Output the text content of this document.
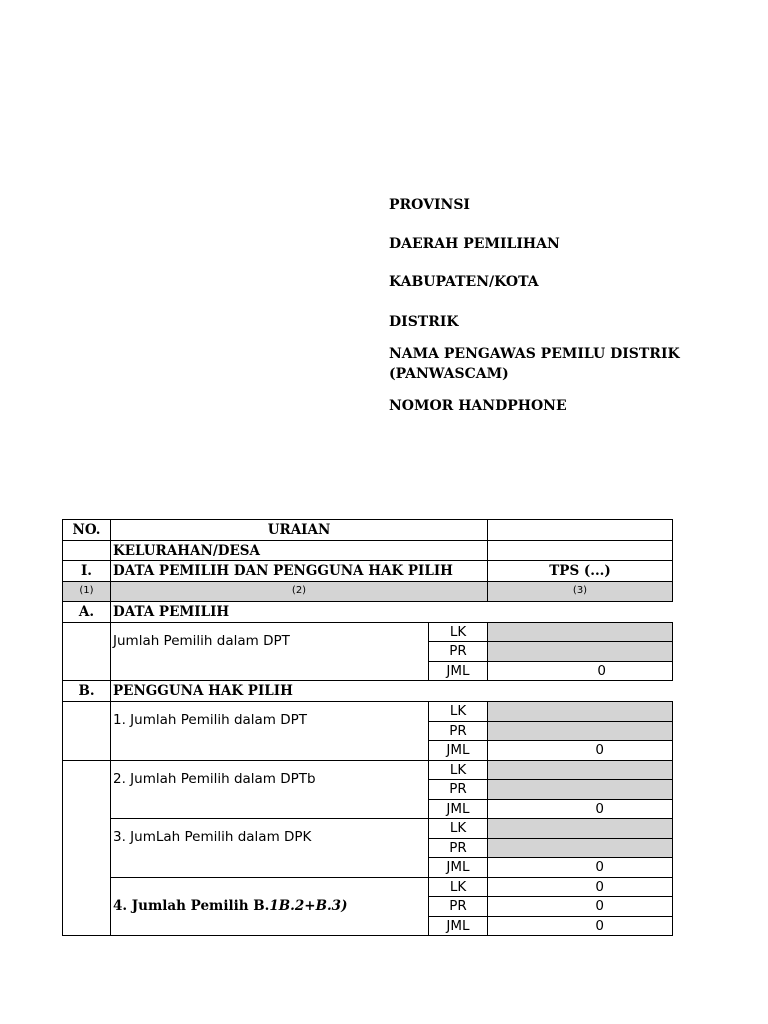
PROVINSI
DAERAH PEMILIHAN
KABUPATEN/KOTA
DISTRIK
NAMA PENGAWAS PEMILU DISTRIK
(PANWASCAM)
NOMOR HANDPHONE
NO.	URAIAN		
	KELURAHAN/DESA		
I.	DATA PEMILIH DAN PENGGUNA HAK PILIH		TPS (...)
(1)	(2)		(3)
A.	DATA PEMILIH		
	Jumlah Pemilih dalam DPT	LK	
		PR	
		JML	0
B.	PENGGUNA HAK PILIH		
	1. Jumlah Pemilih dalam DPT	LK	
		PR	
		JML	0
	2. Jumlah Pemilih dalam DPTb	LK	
		PR	
		JML	0
	3. JumLah Pemilih dalam DPK	LK	
		PR	
		JML	0
	4. Jumlah Pemilih B.1B.2+B.3)	LK	0
		PR	0
		JML	0
